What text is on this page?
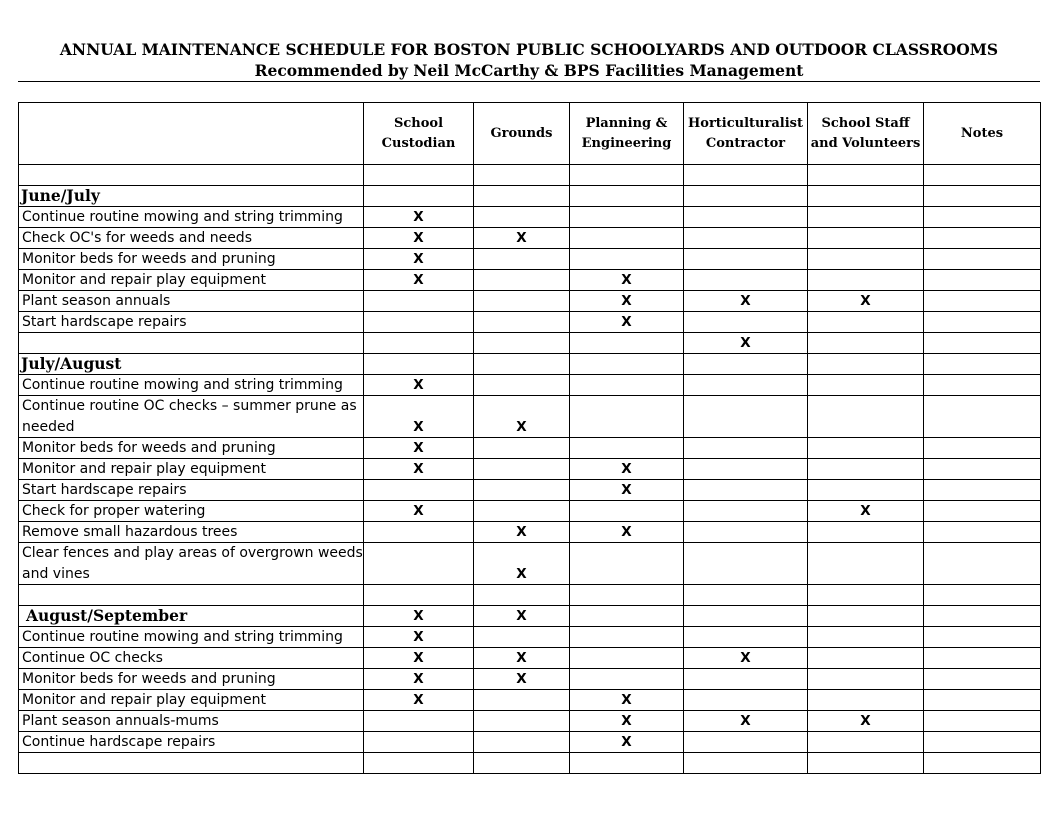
ANNUAL MAINTENANCE SCHEDULE FOR BOSTON PUBLIC SCHOOLYARDS AND OUTDOOR CLASSROOMS
Recommended by Neil McCarthy & BPS Facilities Management
	School Custodian	Grounds	Planning & Engineering	Horticulturalist Contractor	School Staff and Volunteers	Notes

June/July						
Continue routine mowing and string trimming	X					
Check OC's for weeds and needs	X	X				
Monitor beds for weeds and pruning	X					
Monitor and repair play equipment	X		X			
Plant season annuals			X	X	X	
Start hardscape repairs			X			
				X		
July/August						
Continue routine mowing and string trimming	X					
Continue routine OC checks – summer prune as needed	X	X				
Monitor beds for weeds and pruning	X					
Monitor and repair play equipment	X		X			
Start hardscape repairs			X			
Check for proper watering	X				X	
Remove small hazardous trees		X	X			
Clear fences and play areas of overgrown weeds and vines		X				

August/September	X	X				
Continue routine mowing and string trimming	X					
Continue OC checks	X	X		X		
Monitor beds for weeds and pruning	X	X				
Monitor and repair play equipment	X		X			
Plant season annuals-mums			X	X	X	
Continue hardscape repairs			X			
